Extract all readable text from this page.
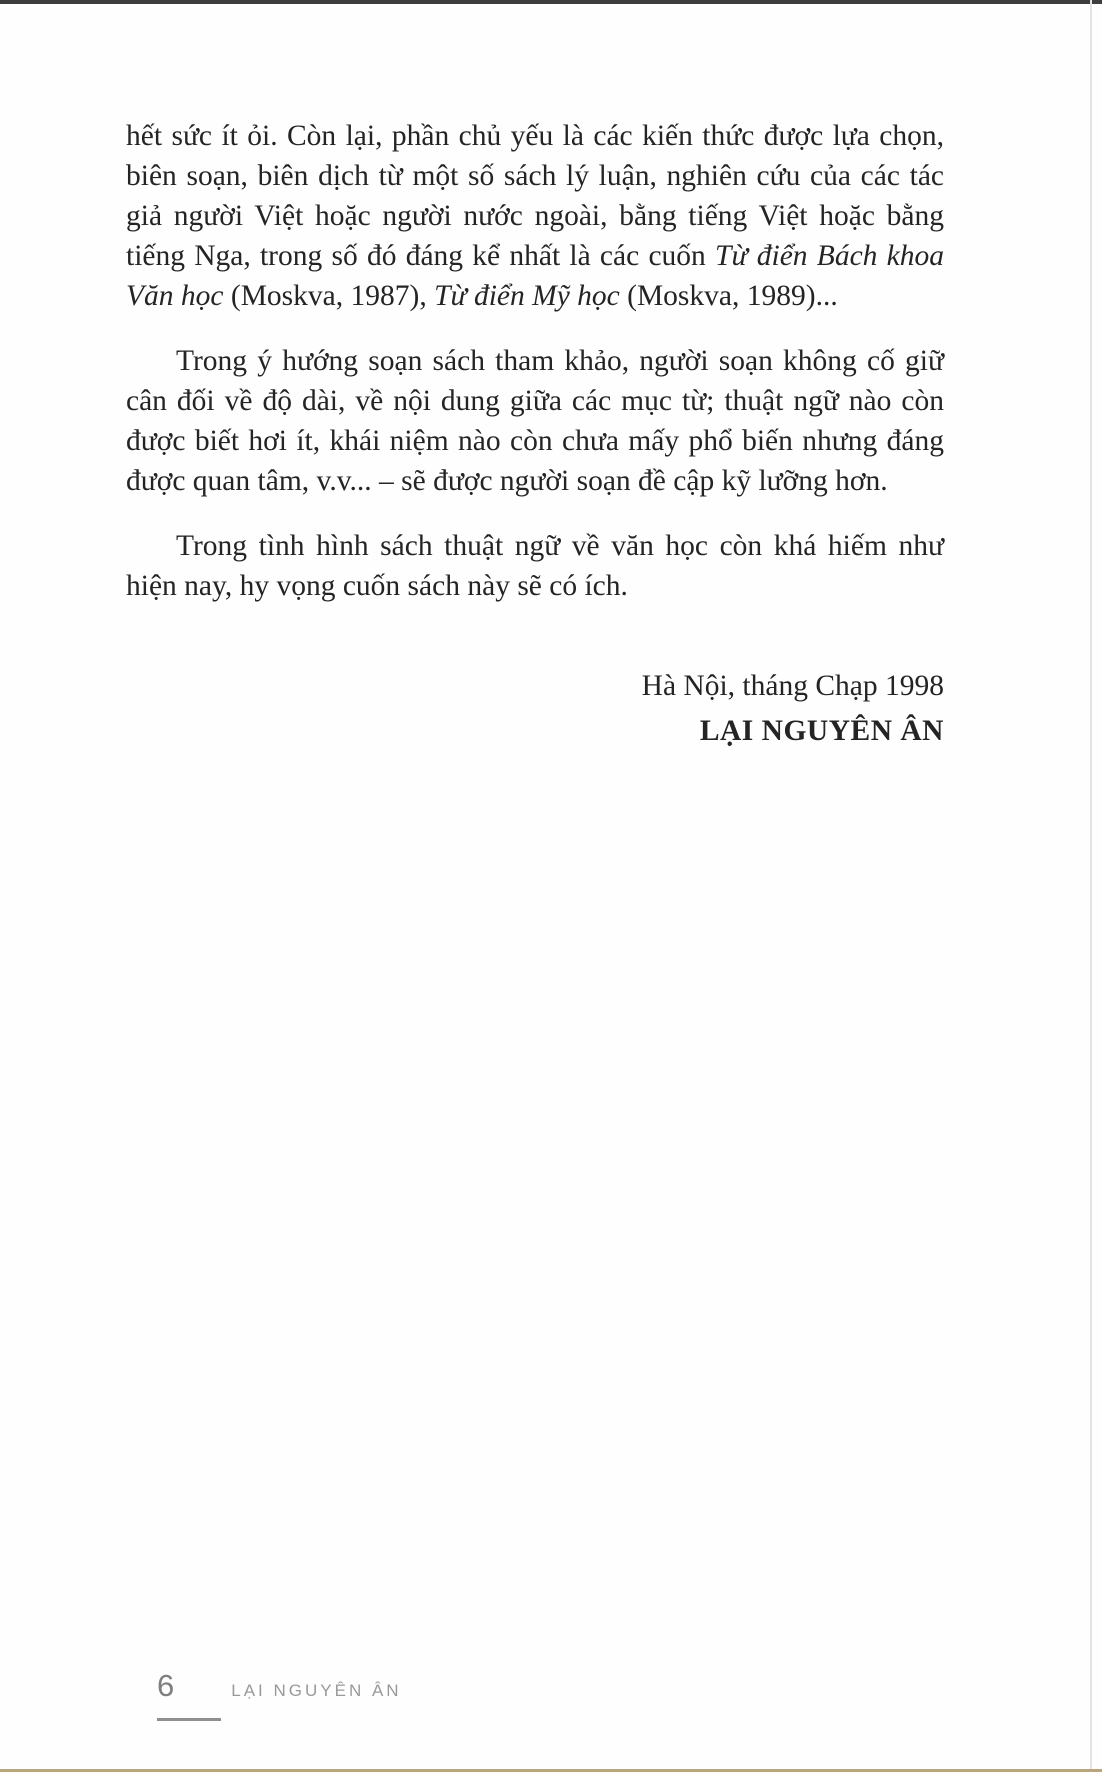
hết sức ít ỏi. Còn lại, phần chủ yếu là các kiến thức được lựa chọn, biên soạn, biên dịch từ một số sách lý luận, nghiên cứu của các tác giả người Việt hoặc người nước ngoài, bằng tiếng Việt hoặc bằng tiếng Nga, trong số đó đáng kể nhất là các cuốn Từ điển Bách khoa Văn học (Moskva, 1987), Từ điển Mỹ học (Moskva, 1989)...

Trong ý hướng soạn sách tham khảo, người soạn không cố giữ cân đối về độ dài, về nội dung giữa các mục từ; thuật ngữ nào còn được biết hơi ít, khái niệm nào còn chưa mấy phổ biến nhưng đáng được quan tâm, v.v... – sẽ được người soạn đề cập kỹ lưỡng hơn.

Trong tình hình sách thuật ngữ về văn học còn khá hiếm như hiện nay, hy vọng cuốn sách này sẽ có ích.

Hà Nội, tháng Chạp 1998
LẠI NGUYÊN ÂN
6	LẠI NGUYÊN ÂN
